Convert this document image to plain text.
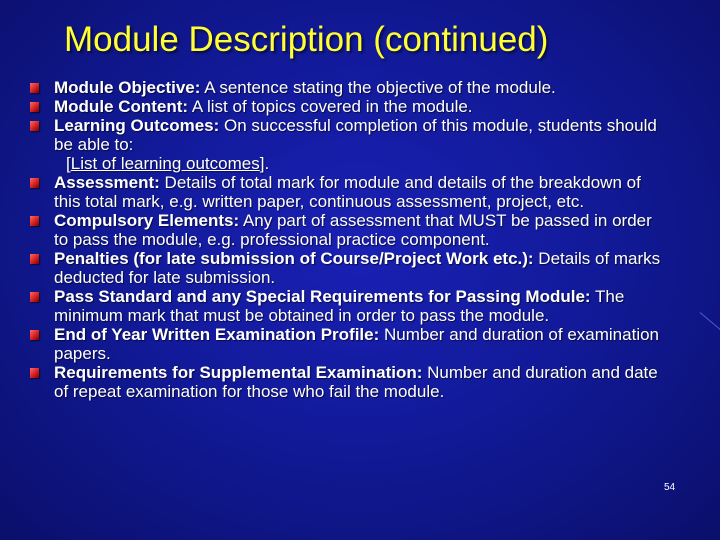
Module Description (continued)
Module Objective: A sentence stating the objective of the module.
Module Content: A list of topics covered in the module.
Learning Outcomes: On successful completion of this module, students should be able to:
[List of learning outcomes].
Assessment: Details of total mark for module and details of the breakdown of this total mark, e.g. written paper, continuous assessment, project, etc.
Compulsory Elements: Any part of assessment that MUST be passed in order to pass the module, e.g. professional practice component.
Penalties (for late submission of Course/Project Work etc.): Details of marks deducted for late submission.
Pass Standard and any Special Requirements for Passing Module: The minimum mark that must be obtained in order to pass the module.
End of Year Written Examination Profile: Number and duration of examination papers.
Requirements for Supplemental Examination: Number and duration and date of repeat examination for those who fail the module.
54
